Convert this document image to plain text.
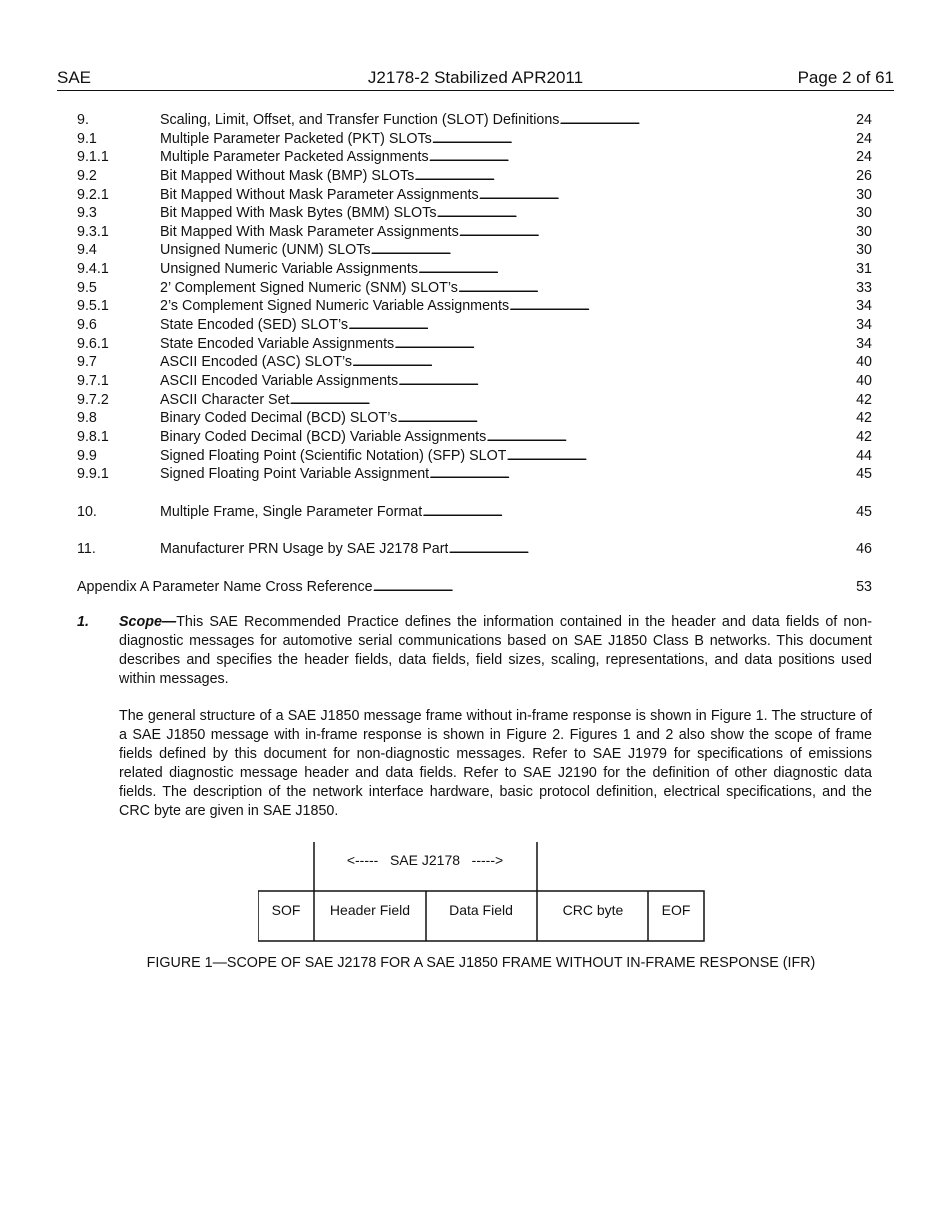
SAE	J2178-2 Stabilized APR2011	Page 2 of 61
9.	Scaling, Limit, Offset, and Transfer Function (SLOT) Definitions . . .	24
9.1	Multiple Parameter Packeted (PKT) SLOTs . . .	24
9.1.1	Multiple Parameter Packeted Assignments . . .	24
9.2	Bit Mapped Without Mask (BMP) SLOTs . . .	26
9.2.1	Bit Mapped Without Mask Parameter Assignments . . .	30
9.3	Bit Mapped With Mask Bytes (BMM) SLOTs . . .	30
9.3.1	Bit Mapped With Mask Parameter Assignments . . .	30
9.4	Unsigned Numeric (UNM) SLOTs . . .	30
9.4.1	Unsigned Numeric Variable Assignments . . .	31
9.5	2’ Complement Signed Numeric (SNM) SLOT’s . . .	33
9.5.1	2’s Complement Signed Numeric Variable Assignments . . .	34
9.6	State Encoded (SED) SLOT’s . . .	34
9.6.1	State Encoded Variable Assignments . . .	34
9.7	ASCII Encoded (ASC) SLOT’s . . .	40
9.7.1	ASCII Encoded Variable Assignments . . .	40
9.7.2	ASCII Character Set . . .	42
9.8	Binary Coded Decimal (BCD) SLOT’s . . .	42
9.8.1	Binary Coded Decimal (BCD) Variable Assignments . . .	42
9.9	Signed Floating Point (Scientific Notation) (SFP) SLOT . . .	44
9.9.1	Signed Floating Point Variable Assignment . . .	45
10.	Multiple Frame, Single Parameter Format . . .	45
11.	Manufacturer PRN Usage by SAE J2178 Part . . .	46
Appendix A Parameter Name Cross Reference . . .	53
1.	Scope—This SAE Recommended Practice defines the information contained in the header and data fields of non-diagnostic messages for automotive serial communications based on SAE J1850 Class B networks. This document describes and specifies the header fields, data fields, field sizes, scaling, representations, and data positions used within messages.
The general structure of a SAE J1850 message frame without in-frame response is shown in Figure 1. The structure of a SAE J1850 message with in-frame response is shown in Figure 2. Figures 1 and 2 also show the scope of frame fields defined by this document for non-diagnostic messages. Refer to SAE J1979 for specifications of emissions related diagnostic message header and data fields. Refer to SAE J2190 for the definition of other diagnostic data fields. The description of the network interface hardware, basic protocol definition, electrical specifications, and the CRC byte are given in SAE J1850.
<-----   SAE J2178   ----->
SOF Header Field	Data Field	CRC byte	EOF
FIGURE 1—SCOPE OF SAE J2178 FOR A SAE J1850 FRAME WITHOUT IN-FRAME RESPONSE (IFR)
